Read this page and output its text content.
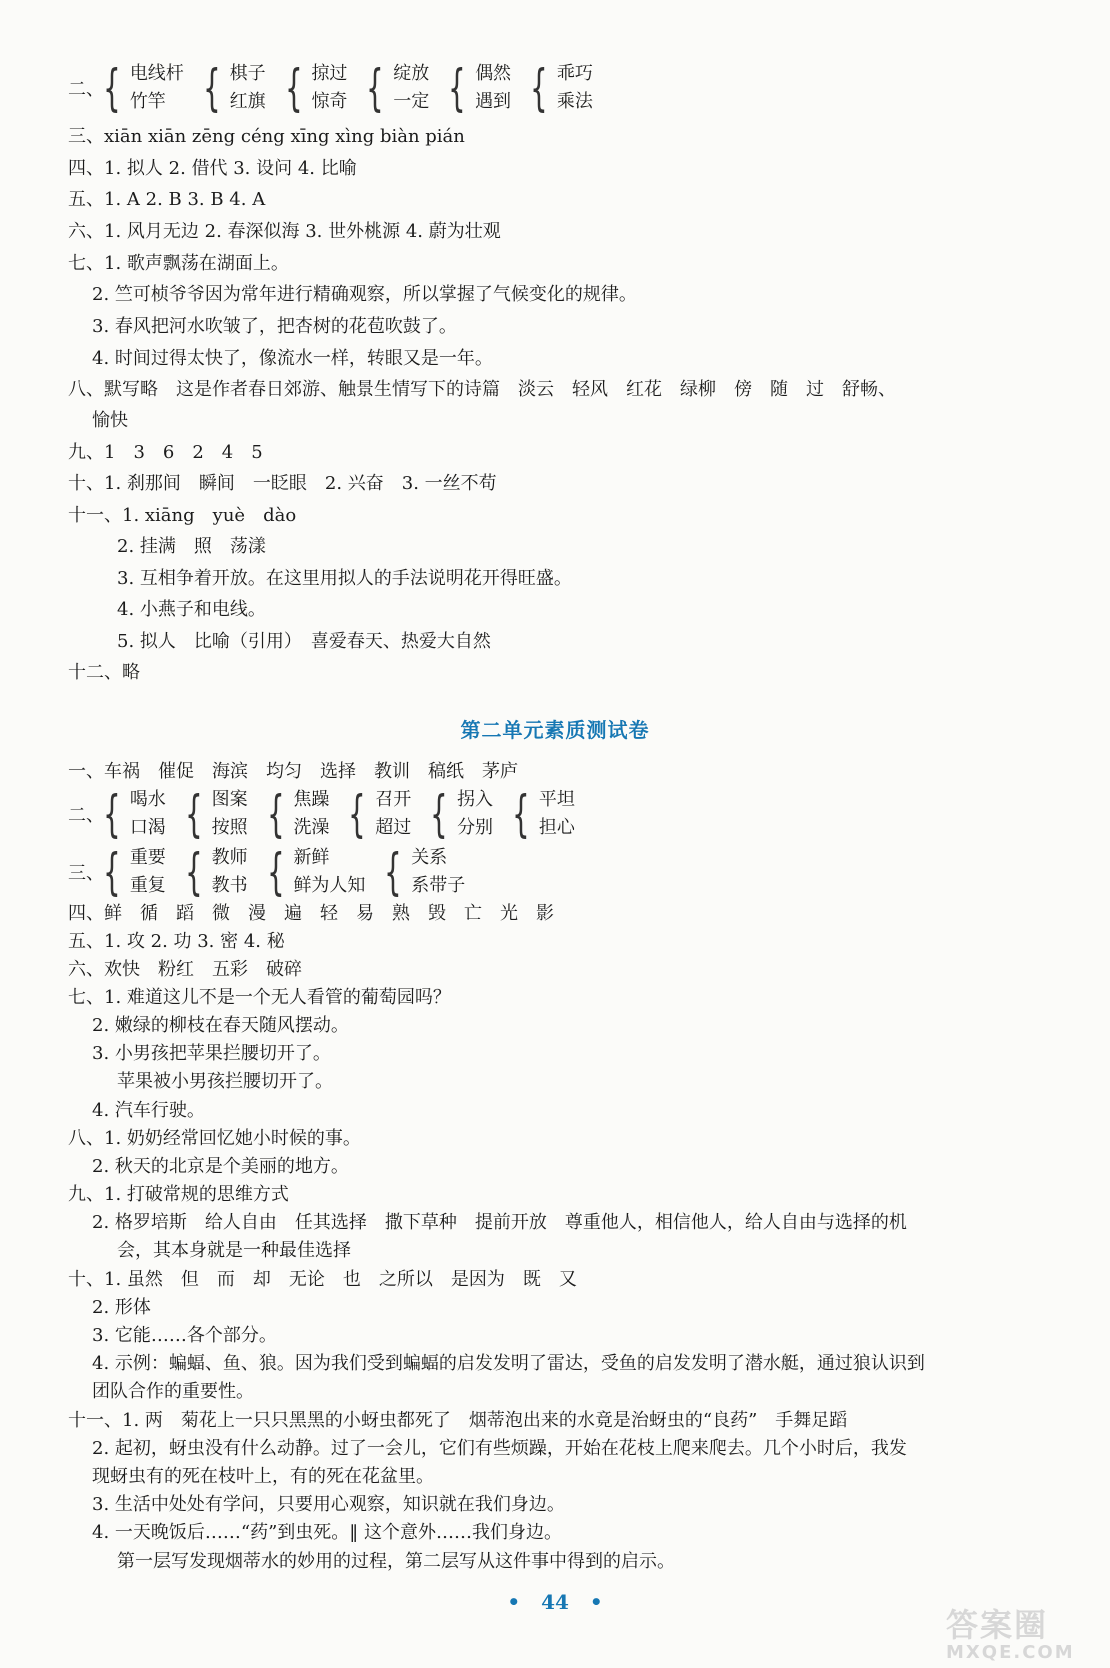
二、 { 电线杆
竹竿 { 棋子
红旗 { 掠过
惊奇 { 绽放
一定 { 偶然
遇到 { 乖巧
乘法
三、xiān xiān zēng céng xīng xìng biàn pián
四、1. 拟人 2. 借代 3. 设问 4. 比喻
五、1. A 2. B 3. B 4. A
六、1. 风月无边 2. 春深似海 3. 世外桃源 4. 蔚为壮观
七、1. 歌声飘荡在湖面上。
2. 竺可桢爷爷因为常年进行精确观察，所以掌握了气候变化的规律。
3. 春风把河水吹皱了，把杏树的花苞吹鼓了。
4. 时间过得太快了，像流水一样，转眼又是一年。
八、默写略　这是作者春日郊游、触景生情写下的诗篇　淡云　轻风　红花　绿柳　傍　随　过　舒畅、
愉快
九、1　3　6　2　4　5
十、1. 刹那间　瞬间　一眨眼　2. 兴奋　3. 一丝不苟
十一、1. xiāng　yuè　dào
2. 挂满　照　荡漾
3. 互相争着开放。在这里用拟人的手法说明花开得旺盛。
4. 小燕子和电线。
5. 拟人　比喻（引用）　喜爱春天、热爱大自然
十二、略
第二单元素质测试卷
一、车祸　催促　海滨　均匀　选择　教训　稿纸　茅庐
二、 { 喝水
口渴 { 图案
按照 { 焦躁
洗澡 { 召开
超过 { 拐入
分别 { 平坦
担心
三、 { 重要
重复 { 教师
教书 { 新鲜
鲜为人知 { 关系
系带子
四、鲜　循　蹈　微　漫　遍　轻　易　熟　毁　亡　光　影
五、1. 攻 2. 功 3. 密 4. 秘
六、欢快　粉红　五彩　破碎
七、1. 难道这儿不是一个无人看管的葡萄园吗？
2. 嫩绿的柳枝在春天随风摆动。
3. 小男孩把苹果拦腰切开了。
苹果被小男孩拦腰切开了。
4. 汽车行驶。
八、1. 奶奶经常回忆她小时候的事。
2. 秋天的北京是个美丽的地方。
九、1. 打破常规的思维方式
2. 格罗培斯　给人自由　任其选择　撒下草种　提前开放　尊重他人，相信他人，给人自由与选择的机
会，其本身就是一种最佳选择
十、1. 虽然　但　而　却　无论　也　之所以　是因为　既　又
2. 形体
3. 它能……各个部分。
4. 示例：蝙蝠、鱼、狼。因为我们受到蝙蝠的启发发明了雷达，受鱼的启发发明了潜水艇，通过狼认识到
团队合作的重要性。
十一、1. 两　菊花上一只只黑黑的小蚜虫都死了　烟蒂泡出来的水竟是治蚜虫的“良药”　手舞足蹈
2. 起初，蚜虫没有什么动静。过了一会儿，它们有些烦躁，开始在花枝上爬来爬去。几个小时后，我发
现蚜虫有的死在枝叶上，有的死在花盆里。
3. 生活中处处有学问，只要用心观察，知识就在我们身边。
4. 一天晚饭后……“药”到虫死。‖ 这个意外……我们身边。
第一层写发现烟蒂水的妙用的过程，第二层写从这件事中得到的启示。
• 44 •
答案圈
MXQE.COM
